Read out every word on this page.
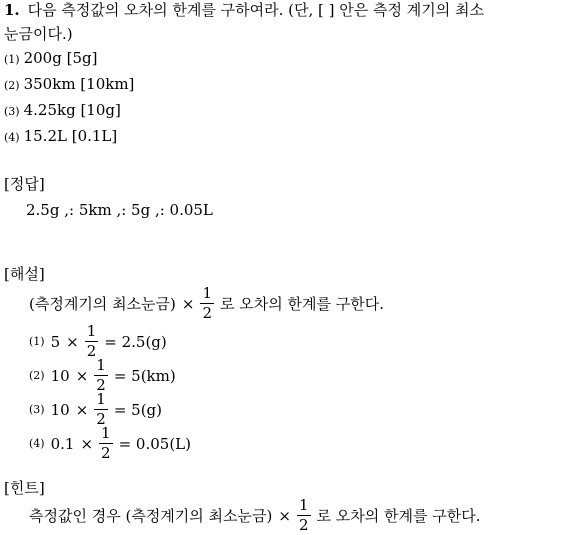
1. 다음 측정값의 오차의 한계를 구하여라. (단, [ ] 안은 측정 계기의 최소
눈금이다.)
(1) 200g [5g]
(2) 350km [10km]
(3) 4.25kg [10g]
(4) 15.2L [0.1L]
[정답]
2.5g ,: 5km ,: 5g ,: 0.05L
[해설]
(측정계기의 최소눈금) × $\frac{1}{2}$ 로 오차의 한계를 구한다.
(1) $5 \times \frac{1}{2} = 2.5(g)$
(2) $10 \times \frac{1}{2} = 5(km)$
(3) $10 \times \frac{1}{2} = 5(g)$
(4) $0.1 \times \frac{1}{2} = 0.05(L)$
[힌트]
측정값인 경우 (측정계기의 최소눈금) × $\frac{1}{2}$ 로 오차의 한계를 구한다.
